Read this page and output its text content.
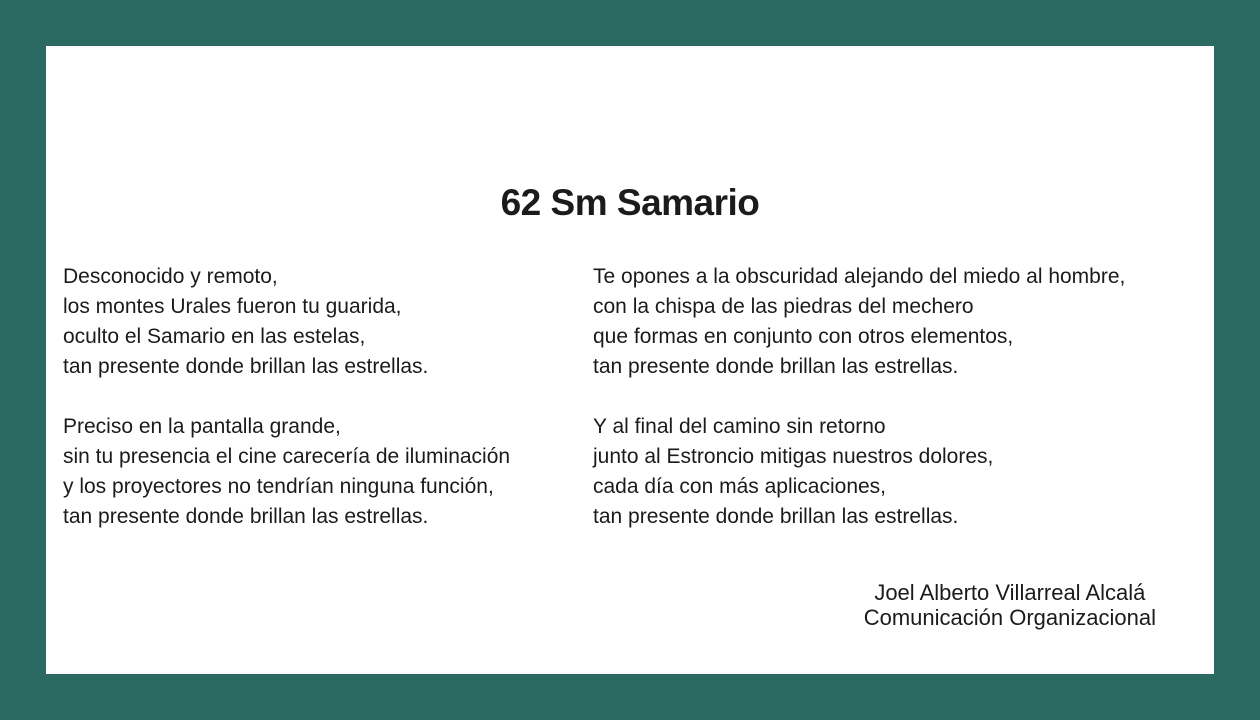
62 Sm Samario
Desconocido y remoto,
los montes Urales fueron tu guarida,
oculto el Samario en las estelas,
tan presente donde brillan las estrellas.
Preciso en la pantalla grande,
sin tu presencia el cine carecería de iluminación
y los proyectores no tendrían ninguna función,
tan presente donde brillan las estrellas.
Te opones a la obscuridad alejando del miedo al hombre,
con la chispa de las piedras del mechero
que formas en conjunto con otros elementos,
tan presente donde brillan las estrellas.
Y al final del camino sin retorno
junto al Estroncio mitigas nuestros dolores,
cada día con más aplicaciones,
tan presente donde brillan las estrellas.
Joel Alberto Villarreal Alcalá
Comunicación Organizacional
